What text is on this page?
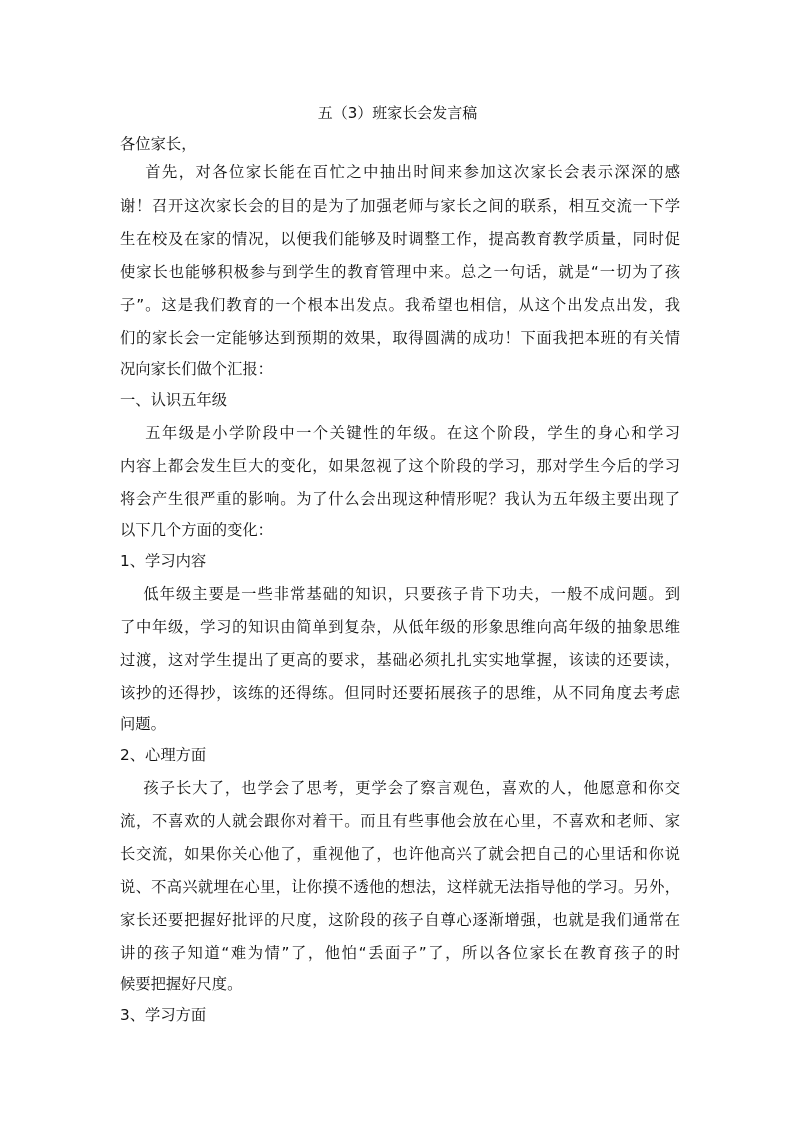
五（3）班家长会发言稿
各位家长，
首先，对各位家长能在百忙之中抽出时间来参加这次家长会表示深深的感
谢！召开这次家长会的目的是为了加强老师与家长之间的联系，相互交流一下学
生在校及在家的情况，以便我们能够及时调整工作，提高教育教学质量，同时促
使家长也能够积极参与到学生的教育管理中来。总之一句话，就是“一切为了孩
子”。这是我们教育的一个根本出发点。我希望也相信，从这个出发点出发，我
们的家长会一定能够达到预期的效果，取得圆满的成功！下面我把本班的有关情
况向家长们做个汇报：
一、认识五年级
五年级是小学阶段中一个关键性的年级。在这个阶段，学生的身心和学习
内容上都会发生巨大的变化，如果忽视了这个阶段的学习，那对学生今后的学习
将会产生很严重的影响。为了什么会出现这种情形呢？我认为五年级主要出现了
以下几个方面的变化：
1、学习内容
低年级主要是一些非常基础的知识，只要孩子肯下功夫，一般不成问题。到
了中年级，学习的知识由简单到复杂，从低年级的形象思维向高年级的抽象思维
过渡，这对学生提出了更高的要求，基础必须扎扎实实地掌握，该读的还要读，
该抄的还得抄，该练的还得练。但同时还要拓展孩子的思维，从不同角度去考虑
问题。
2、心理方面
孩子长大了，也学会了思考，更学会了察言观色，喜欢的人，他愿意和你交
流，不喜欢的人就会跟你对着干。而且有些事他会放在心里，不喜欢和老师、家
长交流，如果你关心他了，重视他了，也许他高兴了就会把自己的心里话和你说
说、不高兴就埋在心里，让你摸不透他的想法，这样就无法指导他的学习。另外，
家长还要把握好批评的尺度，这阶段的孩子自尊心逐渐增强，也就是我们通常在
讲的孩子知道“难为情”了，他怕“丢面子”了，所以各位家长在教育孩子的时
候要把握好尺度。
3、学习方面
